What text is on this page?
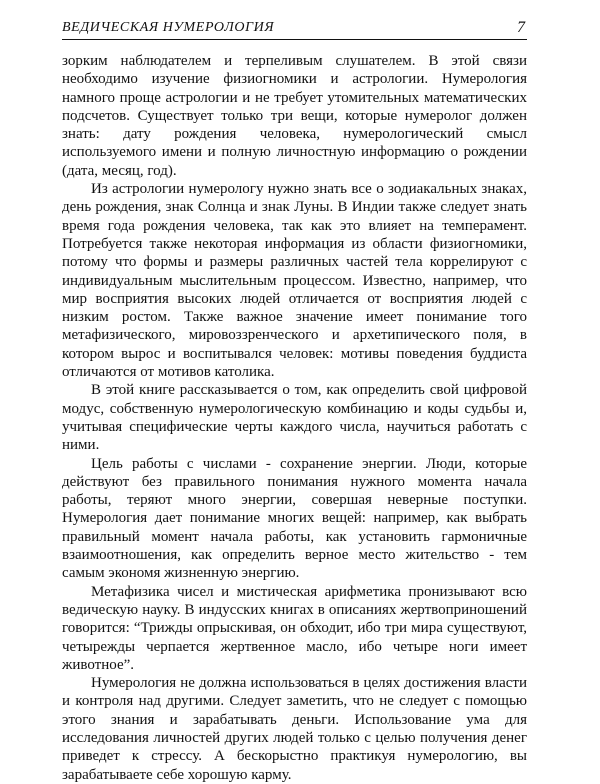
ВЕДИЧЕСКАЯ НУМЕРОЛОГИЯ	7

зорким наблюдателем и терпеливым слушателем. В этой связи необходимо изучение физиогномики и астрологии. Нумерология намного проще астрологии и не требует утомительных математических подсчетов. Существует только три вещи, которые нумеролог должен знать: дату рождения человека, нумерологический смысл используемого имени и полную личностную информацию о рождении (дата, месяц, год).

Из астрологии нумерологу нужно знать все о зодиакальных знаках, день рождения, знак Солнца и знак Луны. В Индии также следует знать время года рождения человека, так как это влияет на темперамент. Потребуется также некоторая информация из области физиогномики, потому что формы и размеры различных частей тела коррелируют с индивидуальным мыслительным процессом. Известно, например, что мир восприятия высоких людей отличается от восприятия людей с низким ростом. Также важное значение имеет понимание того метафизического, мировоззренческого и архетипического поля, в котором вырос и воспитывался человек: мотивы поведения буддиста отличаются от мотивов католика.

В этой книге рассказывается о том, как определить свой цифровой модус, собственную нумерологическую комбинацию и коды судьбы и, учитывая специфические черты каждого числа, научиться работать с ними.

Цель работы с числами - сохранение энергии. Люди, которые действуют без правильного понимания нужного момента начала работы, теряют много энергии, совершая неверные поступки. Нумерология дает понимание многих вещей: например, как выбрать правильный момент начала работы, как установить гармоничные взаимоотношения, как определить верное место жительство - тем самым экономя жизненную энергию.

Метафизика чисел и мистическая арифметика пронизывают всю ведическую науку. В индусских книгах в описаниях жертвоприношений говорится: “Трижды опрыскивая, он обходит, ибо три мира существуют, четырежды черпается жертвенное масло, ибо четыре ноги имеет животное”.

Нумерология не должна использоваться в целях достижения власти и контроля над другими. Следует заметить, что не следует с помощью этого знания и зарабатывать деньги. Использование ума для исследования личностей других людей только с целью получения денег приведет к стрессу. А бескорыстно практикуя нумерологию, вы зарабатываете себе хорошую карму.
